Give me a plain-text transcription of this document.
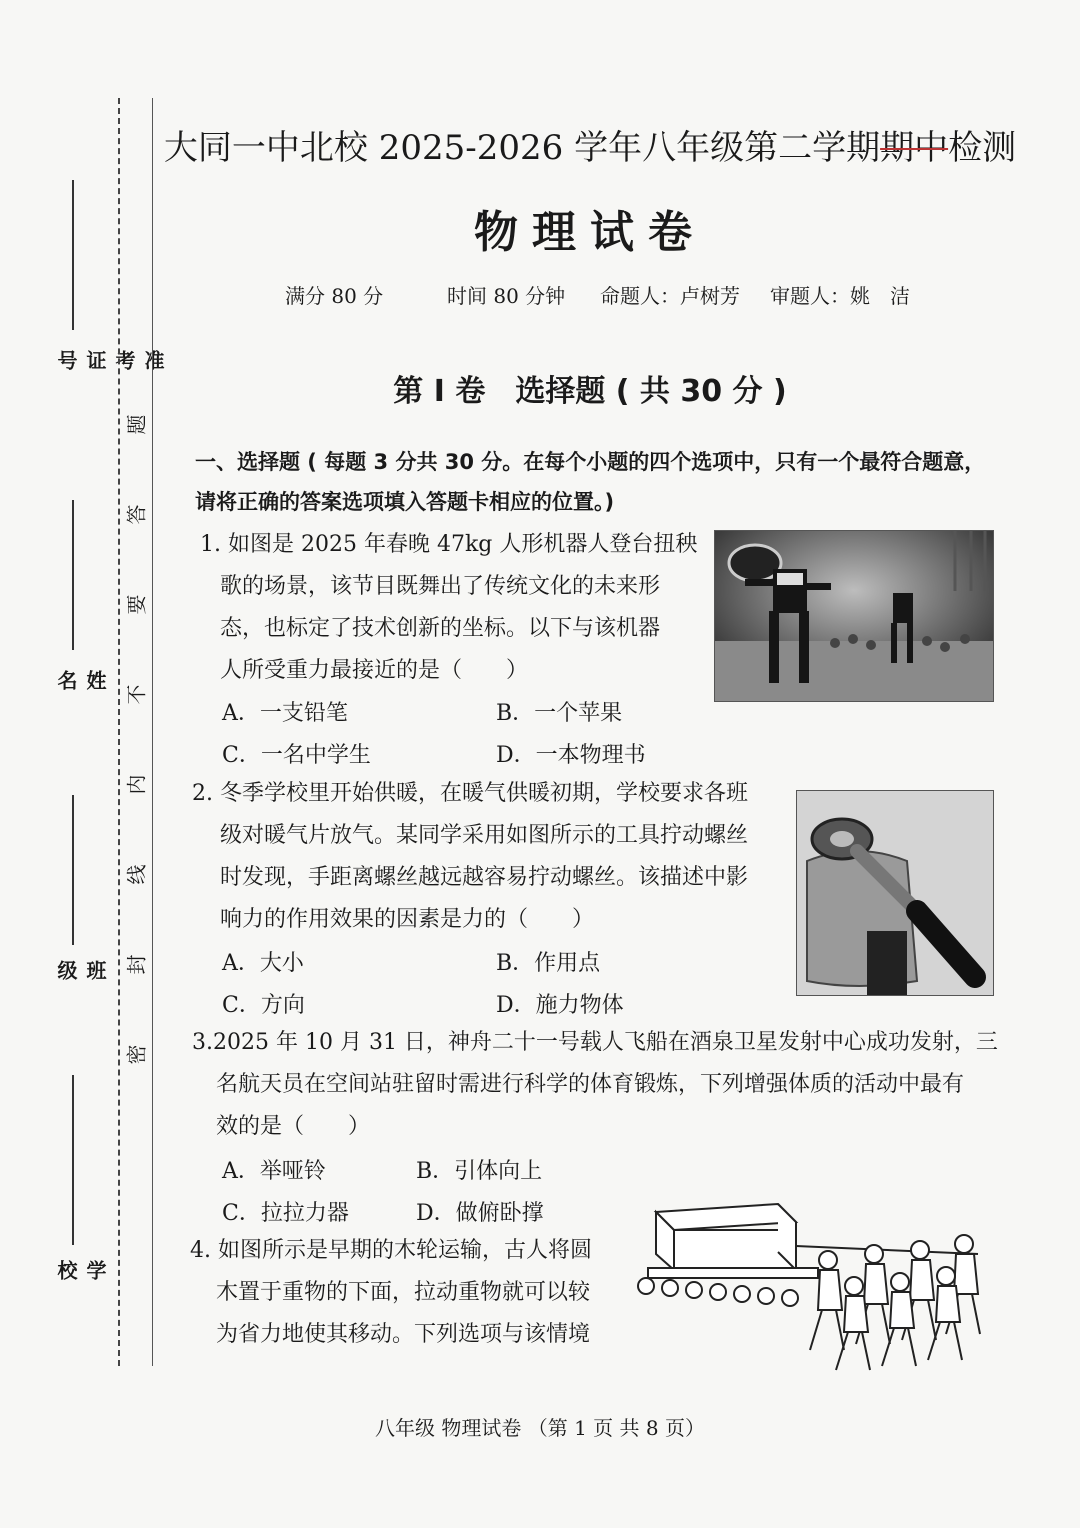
准考证号
姓　名
班　级
学　校
题
答
要
不
内
线
封
密
大同一中北校 2025-2026 学年八年级第二学期期中检测
物理试卷
满分 80 分	时间 80 分钟 命题人：卢树芳 审题人：姚　洁
第 Ⅰ 卷　选择题 ( 共 30 分 )
一、选择题 ( 每题 3 分共 30 分。在每个小题的四个选项中，只有一个最符合题意，
请将正确的答案选项填入答题卡相应的位置。)
1. 如图是 2025 年春晚 47kg 人形机器人登台扭秧
歌的场景，该节目既舞出了传统文化的未来形
态，也标定了技术创新的坐标。以下与该机器
人所受重力最接近的是（　　）
A．一支铅笔	B．一个苹果
C．一名中学生	D．一本物理书
2. 冬季学校里开始供暖，在暖气供暖初期，学校要求各班
级对暖气片放气。某同学采用如图所示的工具拧动螺丝
时发现，手距离螺丝越远越容易拧动螺丝。该描述中影
响力的作用效果的因素是力的（　　）
A．大小	B．作用点
C．方向	D．施力物体
3.2025 年 10 月 31 日，神舟二十一号载人飞船在酒泉卫星发射中心成功发射，三
名航天员在空间站驻留时需进行科学的体育锻炼，下列增强体质的活动中最有
效的是（　　）
A．举哑铃	B．引体向上
C．拉拉力器	D．做俯卧撑
4. 如图所示是早期的木轮运输，古人将圆
木置于重物的下面，拉动重物就可以较
为省力地使其移动。下列选项与该情境
八年级 物理试卷 （第 1 页 共 8 页）
